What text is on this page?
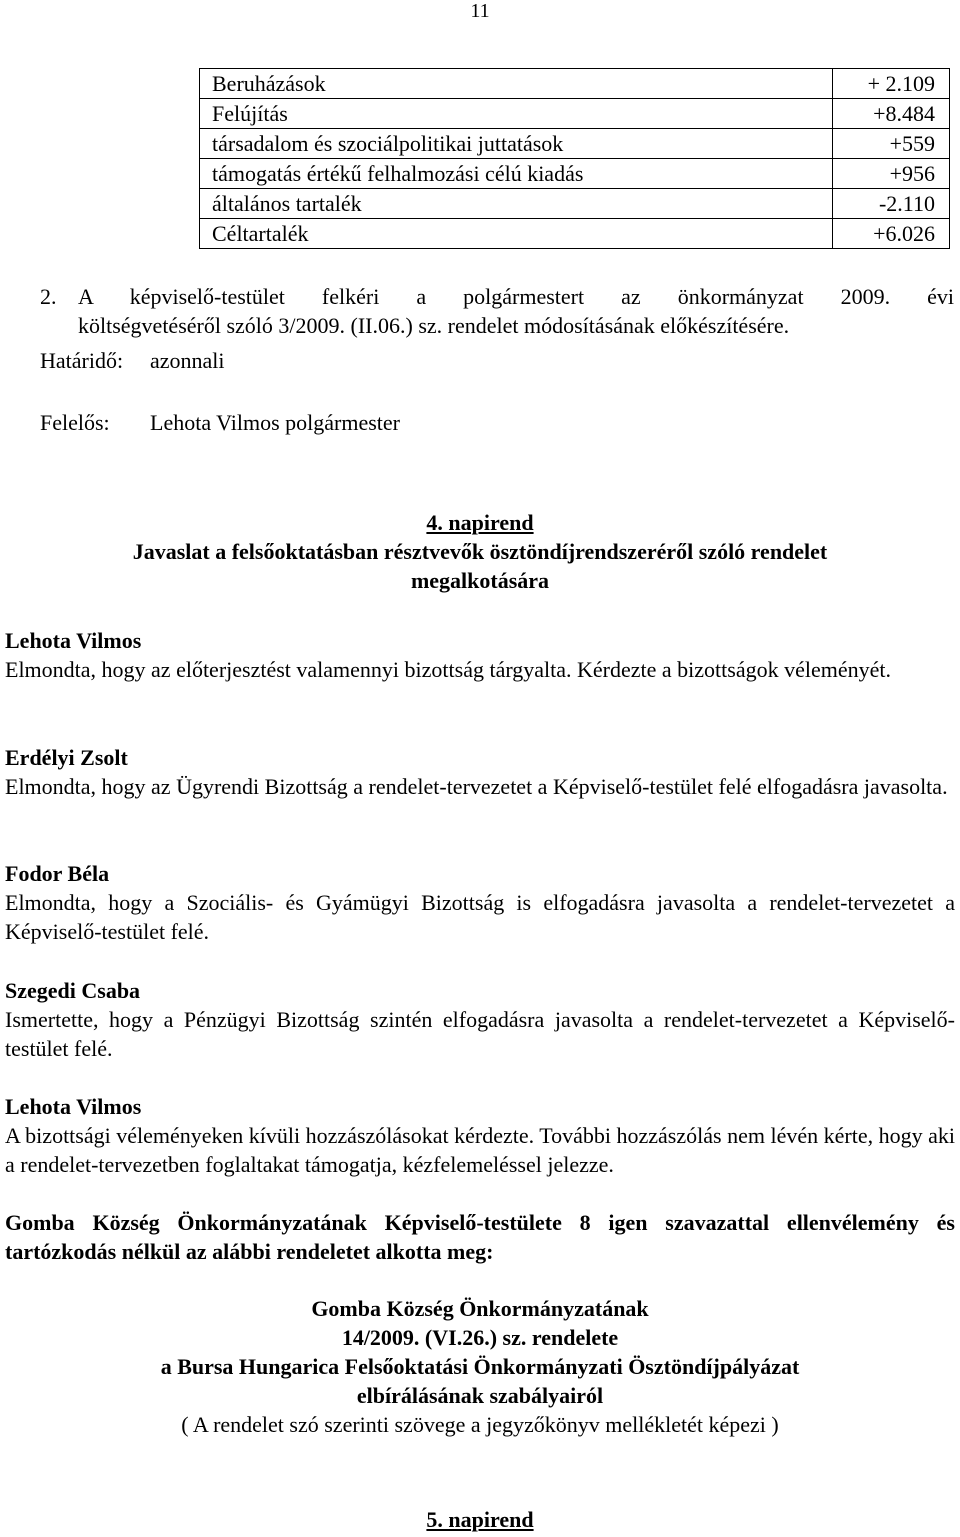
11
Beruházások	+ 2.109
Felújítás	+8.484
társadalom és szociálpolitikai juttatások	+559
támogatás értékű felhalmozási célú kiadás	+956
általános tartalék	-2.110
Céltartalék	+6.026
2. A képviselő-testület felkéri a polgármestert az önkormányzat 2009. évi
költségvetéséről szóló 3/2009. (II.06.) sz. rendelet módosításának előkészítésére.
Határidő: azonnali
Felelős: Lehota Vilmos polgármester
4. napirend
Javaslat a felsőoktatásban résztvevők ösztöndíjrendszeréről szóló rendelet
megalkotására
Lehota Vilmos
Elmondta, hogy az előterjesztést valamennyi bizottság tárgyalta. Kérdezte a bizottságok véleményét.
Erdélyi Zsolt
Elmondta, hogy az Ügyrendi Bizottság a rendelet-tervezetet a Képviselő-testület felé elfogadásra javasolta.
Fodor Béla
Elmondta, hogy a Szociális- és Gyámügyi Bizottság is elfogadásra javasolta a rendelet-tervezetet a Képviselő-testület felé.
Szegedi Csaba
Ismertette, hogy a Pénzügyi Bizottság szintén elfogadásra javasolta a rendelet-tervezetet a Képviselő-testület felé.
Lehota Vilmos
A bizottsági véleményeken kívüli hozzászólásokat kérdezte. További hozzászólás nem lévén kérte, hogy aki a rendelet-tervezetben foglaltakat támogatja, kézfelemeléssel jelezze.
Gomba Község Önkormányzatának Képviselő-testülete 8 igen szavazattal ellenvélemény és tartózkodás nélkül az alábbi rendeletet alkotta meg:
Gomba Község Önkormányzatának
14/2009. (VI.26.) sz. rendelete
a Bursa Hungarica Felsőoktatási Önkormányzati Ösztöndíjpályázat
elbírálásának szabályairól
( A rendelet szó szerinti szövege a jegyzőkönyv mellékletét képezi )
5. napirend
